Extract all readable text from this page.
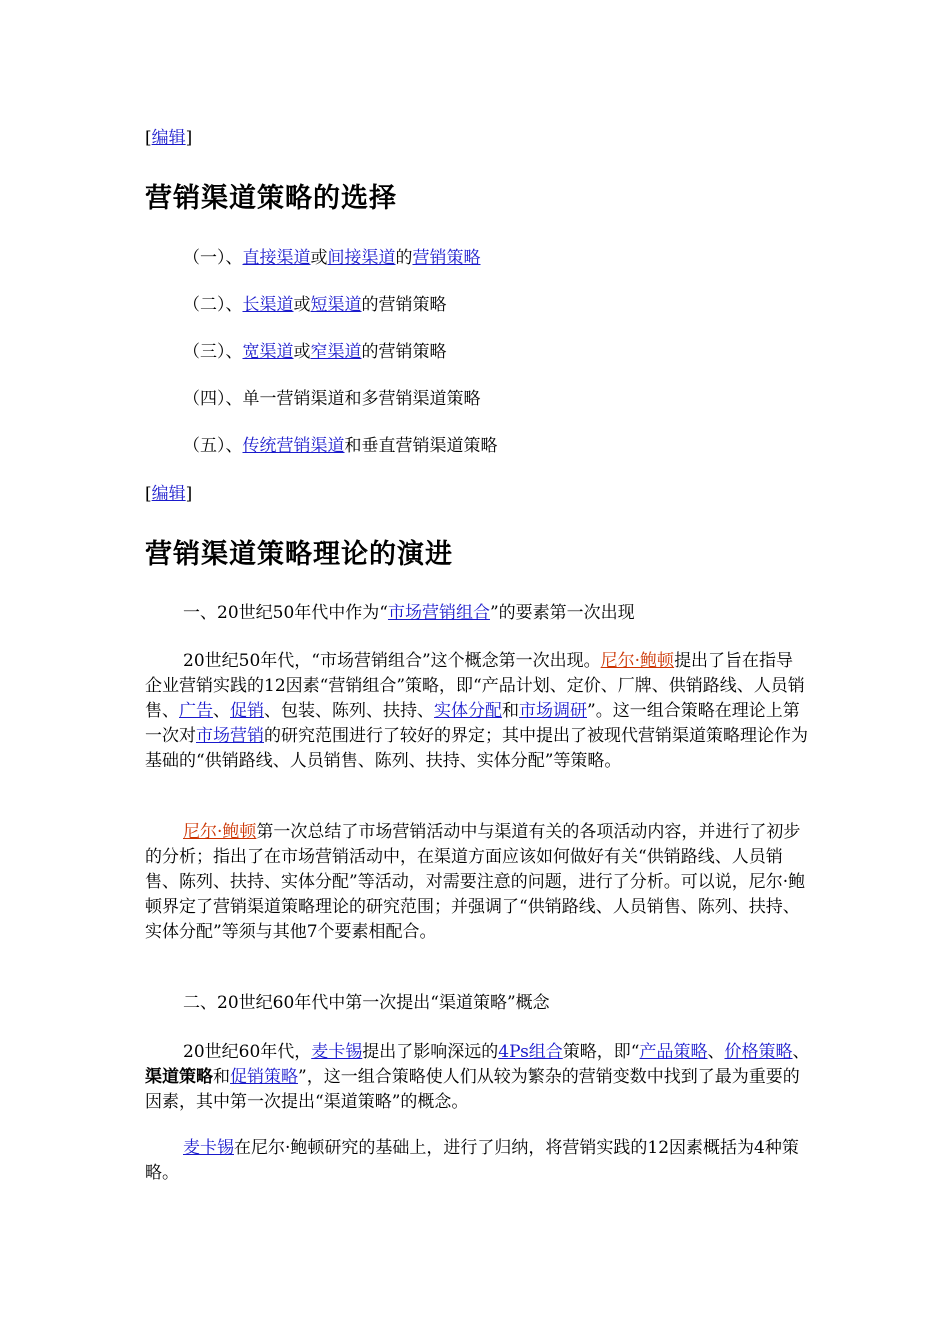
[编辑]
营销渠道策略的选择
（一）、直接渠道或间接渠道的营销策略
（二）、长渠道或短渠道的营销策略
（三）、宽渠道或窄渠道的营销策略
（四）、单一营销渠道和多营销渠道策略
（五）、传统营销渠道和垂直营销渠道策略
[编辑]
营销渠道策略理论的演进

一、20世纪50年代中作为“市场营销组合”的要素第一次出现

20世纪50年代，“市场营销组合”这个概念第一次出现。尼尔·鲍顿提出了旨在指导企业营销实践的12因素“营销组合”策略，即“产品计划、定价、厂牌、供销路线、人员销售、广告、促销、包装、陈列、扶持、实体分配和市场调研”。这一组合策略在理论上第一次对市场营销的研究范围进行了较好的界定；其中提出了被现代营销渠道策略理论作为基础的“供销路线、人员销售、陈列、扶持、实体分配”等策略。

尼尔·鲍顿第一次总结了市场营销活动中与渠道有关的各项活动内容，并进行了初步的分析；指出了在市场营销活动中，在渠道方面应该如何做好有关“供销路线、人员销售、陈列、扶持、实体分配”等活动，对需要注意的问题，进行了分析。可以说，尼尔·鲍顿界定了营销渠道策略理论的研究范围；并强调了“供销路线、人员销售、陈列、扶持、实体分配”等须与其他7个要素相配合。

二、20世纪60年代中第一次提出“渠道策略”概念

20世纪60年代，麦卡锡提出了影响深远的4Ps组合策略，即“产品策略、价格策略、渠道策略和促销策略”，这一组合策略使人们从较为繁杂的营销变数中找到了最为重要的因素，其中第一次提出“渠道策略”的概念。

麦卡锡在尼尔·鲍顿研究的基础上，进行了归纳，将营销实践的12因素概括为4种策略。
